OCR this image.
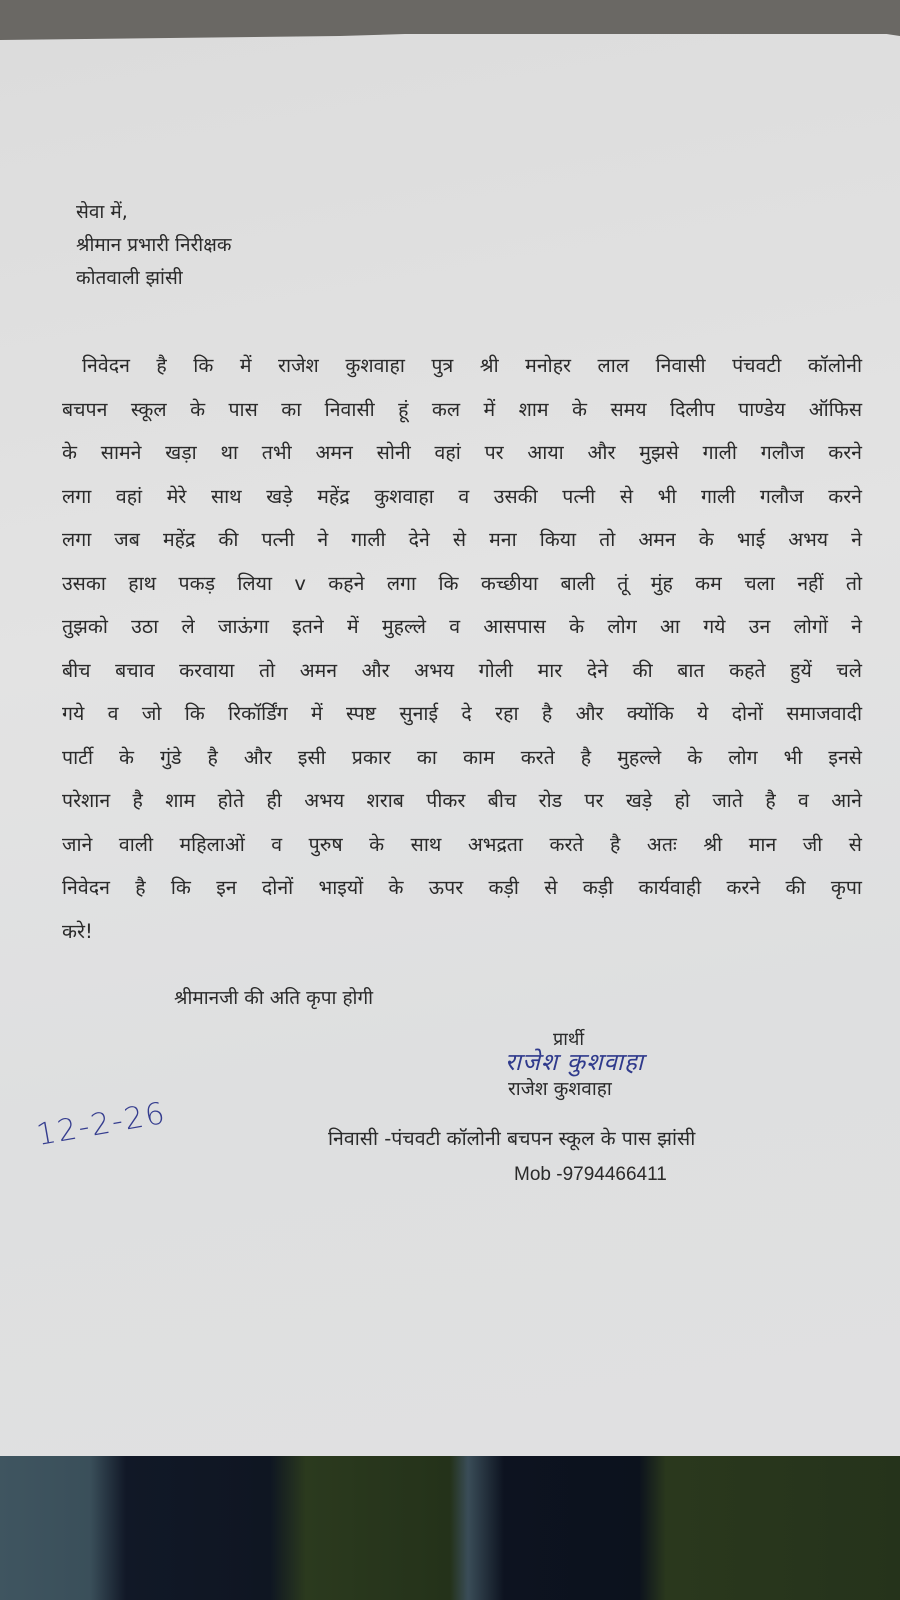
सेवा में,
श्रीमान प्रभारी निरीक्षक
कोतवाली झांसी
निवेदन है कि में राजेश कुशवाहा पुत्र श्री मनोहर लाल निवासी पंचवटी कॉलोनी
बचपन स्कूल के पास का निवासी हूं कल में शाम के समय दिलीप पाण्डेय ऑफिस
के सामने खड़ा था तभी अमन सोनी वहां पर आया और मुझसे गाली गलौज करने
लगा वहां मेरे साथ खड़े महेंद्र कुशवाहा व उसकी पत्नी से भी गाली गलौज करने
लगा जब महेंद्र की पत्नी ने गाली देने से मना किया तो अमन के भाई अभय ने
उसका हाथ पकड़ लिया v कहने लगा कि कच्छीया बाली तूं मुंह कम चला नहीं तो
तुझको उठा ले जाऊंगा इतने में मुहल्ले व आसपास के लोग आ गये उन लोगों ने
बीच बचाव करवाया तो अमन और अभय गोली मार देने की बात कहते हुयें चले
गये व जो कि रिकॉर्डिंग में स्पष्ट सुनाई दे रहा है और क्योंकि ये दोनों समाजवादी
पार्टी के गुंडे है और इसी प्रकार का काम करते है मुहल्ले के लोग भी इनसे
परेशान है शाम होते ही अभय शराब पीकर बीच रोड पर खड़े हो जाते है व आने
जाने वाली महिलाओं व पुरुष के साथ अभद्रता करते है अतः श्री मान जी से
निवेदन है कि इन दोनों भाइयों के ऊपर कड़ी से कड़ी कार्यवाही करने की कृपा
करे!
श्रीमानजी की अति कृपा होगी
प्रार्थी
राजेश कुशवाहा
राजेश कुशवाहा
12-2-26	निवासी -पंचवटी कॉलोनी बचपन स्कूल के पास झांसी
Mob -9794466411
